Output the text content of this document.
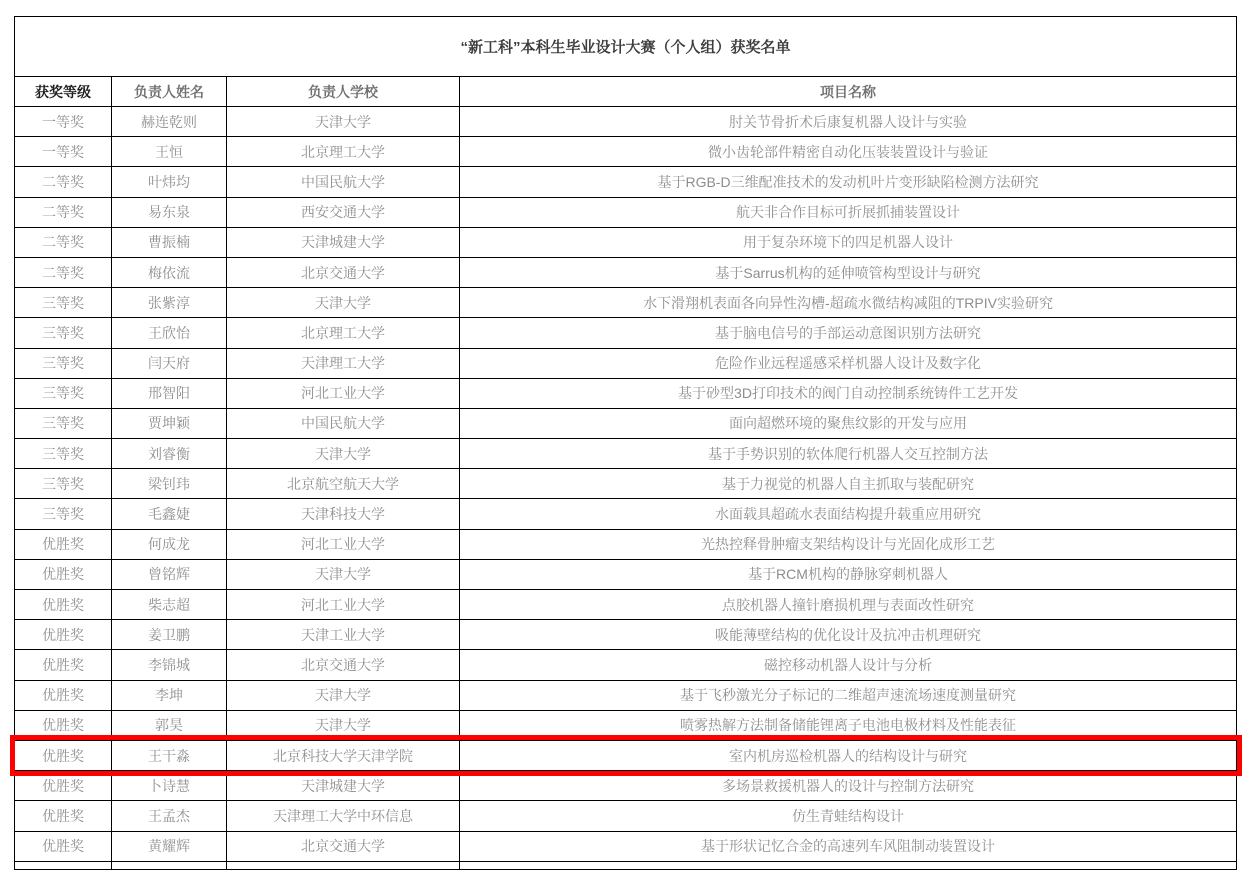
“新工科”本科生毕业设计大赛（个人组）获奖名单			
获奖等级	负责人姓名	负责人学校	项目名称
一等奖	赫连乾则	天津大学	肘关节骨折术后康复机器人设计与实验
一等奖	王恒	北京理工大学	微小齿轮部件精密自动化压装装置设计与验证
二等奖	叶炜均	中国民航大学	基于RGB-D三维配准技术的发动机叶片变形缺陷检测方法研究
二等奖	易东泉	西安交通大学	航天非合作目标可折展抓捕装置设计
二等奖	曹振楠	天津城建大学	用于复杂环境下的四足机器人设计
二等奖	梅依流	北京交通大学	基于Sarrus机构的延伸喷管构型设计与研究
三等奖	张紫淳	天津大学	水下滑翔机表面各向异性沟槽-超疏水微结构减阻的TRPIV实验研究
三等奖	王欣怡	北京理工大学	基于脑电信号的手部运动意图识别方法研究
三等奖	闫天府	天津理工大学	危险作业远程遥感采样机器人设计及数字化
三等奖	邢智阳	河北工业大学	基于砂型3D打印技术的阀门自动控制系统铸件工艺开发
三等奖	贾坤颖	中国民航大学	面向超燃环境的聚焦纹影的开发与应用
三等奖	刘睿衡	天津大学	基于手势识别的软体爬行机器人交互控制方法
三等奖	梁钊玮	北京航空航天大学	基于力视觉的机器人自主抓取与装配研究
三等奖	毛鑫婕	天津科技大学	水面载具超疏水表面结构提升载重应用研究
优胜奖	何成龙	河北工业大学	光热控释骨肿瘤支架结构设计与光固化成形工艺
优胜奖	曾铭辉	天津大学	基于RCM机构的静脉穿刺机器人
优胜奖	柴志超	河北工业大学	点胶机器人撞针磨损机理与表面改性研究
优胜奖	姜卫鹏	天津工业大学	吸能薄壁结构的优化设计及抗冲击机理研究
优胜奖	李锦城	北京交通大学	磁控移动机器人设计与分析
优胜奖	李坤	天津大学	基于飞秒激光分子标记的二维超声速流场速度测量研究
优胜奖	郭昊	天津大学	喷雾热解方法制备储能锂离子电池电极材料及性能表征
优胜奖	王干淼	北京科技大学天津学院	室内机房巡检机器人的结构设计与研究
优胜奖	卜诗慧	天津城建大学	多场景救援机器人的设计与控制方法研究
优胜奖	王孟杰	天津理工大学中环信息	仿生青蛙结构设计
优胜奖	黄耀辉	北京交通大学	基于形状记忆合金的高速列车风阻制动装置设计
